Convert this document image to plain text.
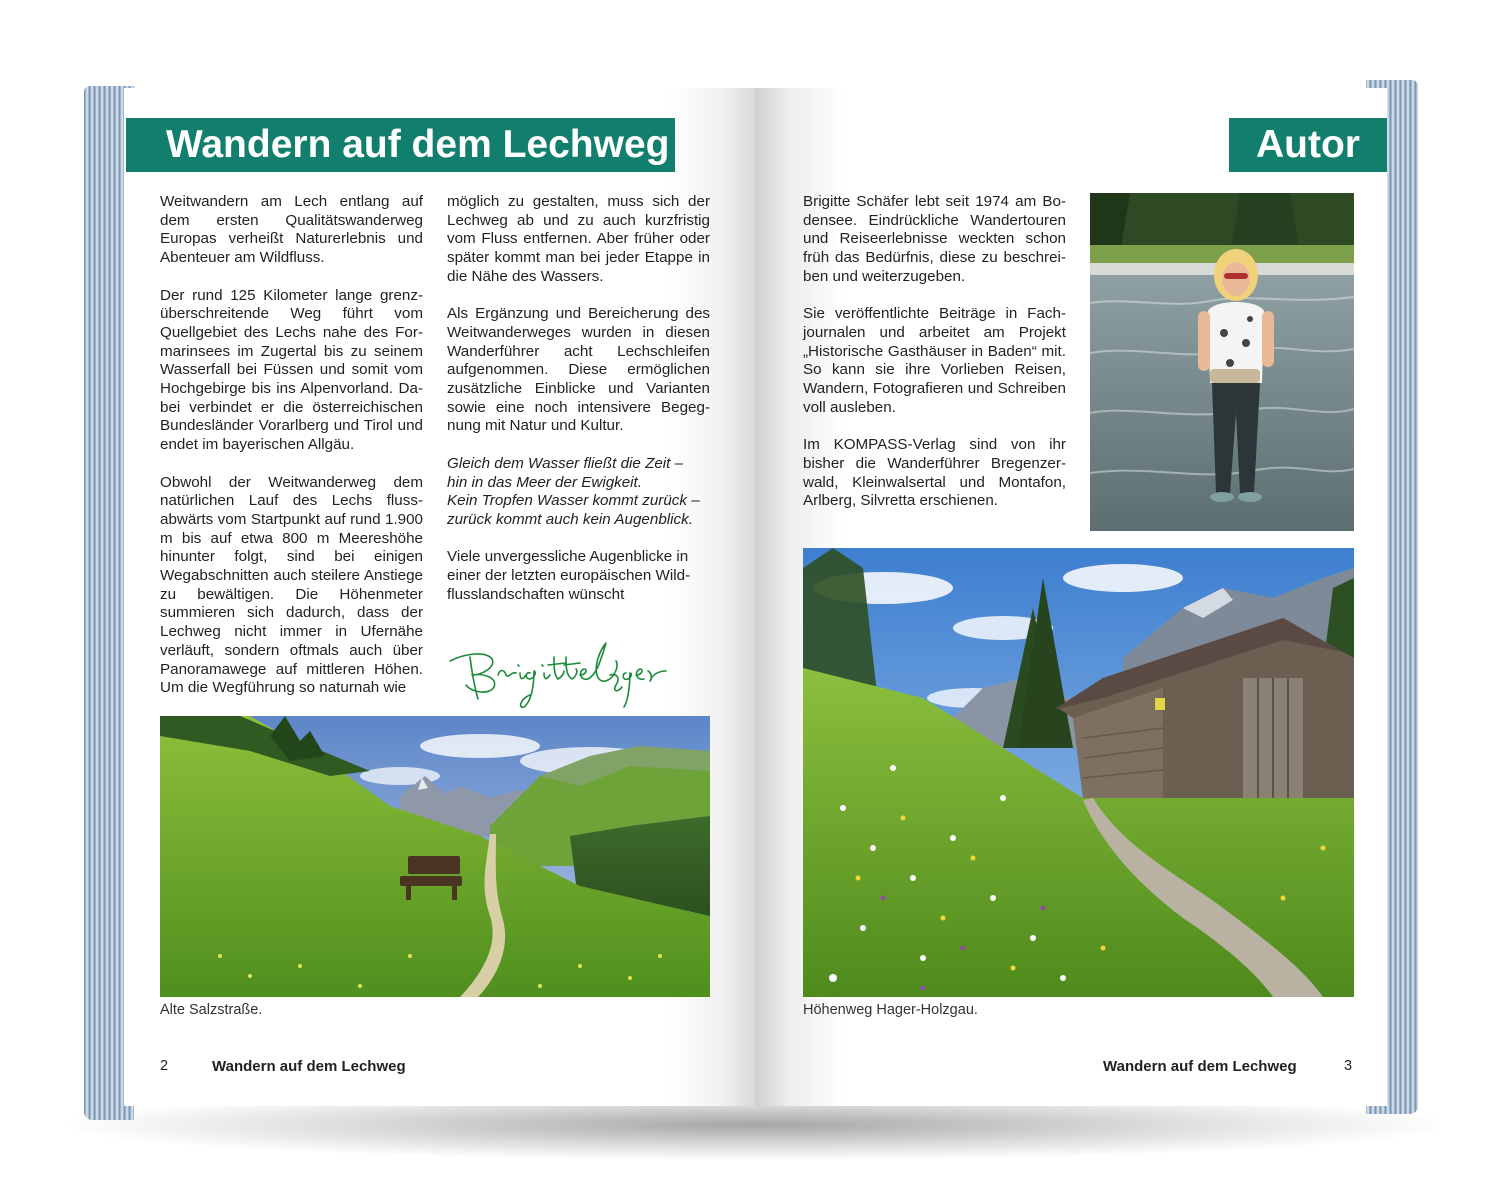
Wandern auf dem Lechweg

Weitwandern am Lech entlang auf dem ersten Qualitätswanderweg Europas verheißt Naturerlebnis und Abenteuer am Wildfluss.

Der rund 125 Kilometer lange grenzüberschreitende Weg führt vom Quellgebiet des Lechs nahe des Formarinsees im Zugertal bis zu seinem Wasserfall bei Füssen und somit vom Hochgebirge bis ins Alpenvorland. Dabei verbindet er die österreichischen Bundesländer Vorarlberg und Tirol und endet im bayerischen Allgäu.

Obwohl der Weitwanderweg dem natürlichen Lauf des Lechs flussabwärts vom Startpunkt auf rund 1.900 m bis auf etwa 800 m Meereshöhe hinunter folgt, sind bei einigen Wegabschnitten auch steilere Anstiege zu bewältigen. Die Höhenmeter summieren sich dadurch, dass der Lechweg nicht immer in Ufernähe verläuft, sondern oftmals auch über Panoramawege auf mittleren Höhen. Um die Wegführung so naturnah wie

möglich zu gestalten, muss sich der Lechweg ab und zu auch kurzfristig vom Fluss entfernen. Aber früher oder später kommt man bei jeder Etappe in die Nähe des Wassers.

Als Ergänzung und Bereicherung des Weitwanderweges wurden in diesen Wanderführer acht Lechschleifen aufgenommen. Diese ermöglichen zusätzliche Einblicke und Varianten sowie eine noch intensivere Begegnung mit Natur und Kultur.

Gleich dem Wasser fließt die Zeit –
hin in das Meer der Ewigkeit.
Kein Tropfen Wasser kommt zurück –
zurück kommt auch kein Augenblick.

Viele unvergessliche Augenblicke in einer der letzten europäischen Wildflusslandschaften wünscht

Alte Salzstraße.
2	Wandern auf dem Lechweg
Autor

Brigitte Schäfer lebt seit 1974 am Bodensee. Eindrückliche Wandertouren und Reiseerlebnisse weckten schon früh das Bedürfnis, diese zu beschreiben und weiterzugeben.

Sie veröffentlichte Beiträge in Fachjournalen und arbeitet am Projekt „Historische Gasthäuser in Baden“ mit. So kann sie ihre Vorlieben Reisen, Wandern, Fotografieren und Schreiben voll ausleben.

Im KOMPASS-Verlag sind von ihr bisher die Wanderführer Bregenzerwald, Kleinwalsertal und Montafon, Arlberg, Silvretta erschienen.

Höhenweg Hager-Holzgau.
Wandern auf dem Lechweg	3
